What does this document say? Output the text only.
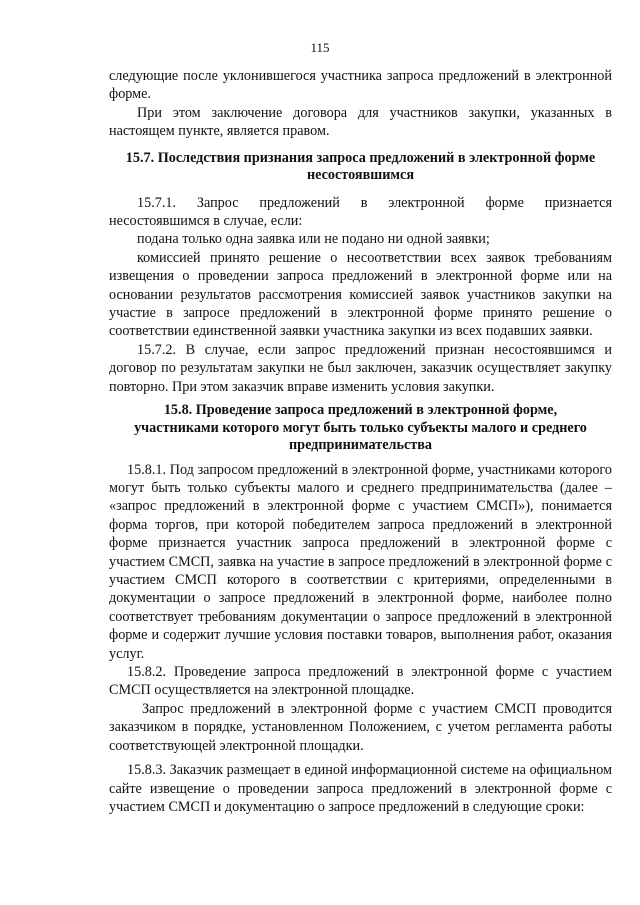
115

следующие после уклонившегося участника запроса предложений в электронной форме.

При этом заключение договора для участников закупки, указанных в настоящем пункте, является правом.

15.7. Последствия признания запроса предложений в электронной форме несостоявшимся

15.7.1. Запрос предложений в электронной форме признается несостоявшимся в случае, если:

подана только одна заявка или не подано ни одной заявки;

комиссией принято решение о несоответствии всех заявок требованиям извещения о проведении запроса предложений в электронной форме или на основании результатов рассмотрения комиссией заявок участников закупки на участие в запросе предложений в электронной форме принято решение о соответствии единственной заявки участника закупки из всех подавших заявки.

15.7.2. В случае, если запрос предложений признан несостоявшимся и договор по результатам закупки не был заключен, заказчик осуществляет закупку повторно. При этом заказчик вправе изменить условия закупки.

15.8. Проведение запроса предложений в электронной форме, участниками которого могут быть только субъекты малого и среднего предпринимательства

15.8.1. Под запросом предложений в электронной форме, участниками которого могут быть только субъекты малого и среднего предпринимательства (далее – «запрос предложений в электронной форме с участием СМСП»), понимается форма торгов, при которой победителем запроса предложений в электронной форме признается участник запроса предложений в электронной форме с участием СМСП, заявка на участие в запросе предложений в электронной форме с участием СМСП которого в соответствии с критериями, определенными в документации о запросе предложений в электронной форме, наиболее полно соответствует требованиям документации о запросе предложений в электронной форме и содержит лучшие условия поставки товаров, выполнения работ, оказания услуг.

15.8.2. Проведение запроса предложений в электронной форме с участием СМСП осуществляется на электронной площадке.

Запрос предложений в электронной форме с участием СМСП проводится заказчиком в порядке, установленном Положением, с учетом регламента работы соответствующей электронной площадки.

15.8.3. Заказчик размещает в единой информационной системе на официальном сайте извещение о проведении запроса предложений в электронной форме с участием СМСП и документацию о запросе предложений в следующие сроки:
